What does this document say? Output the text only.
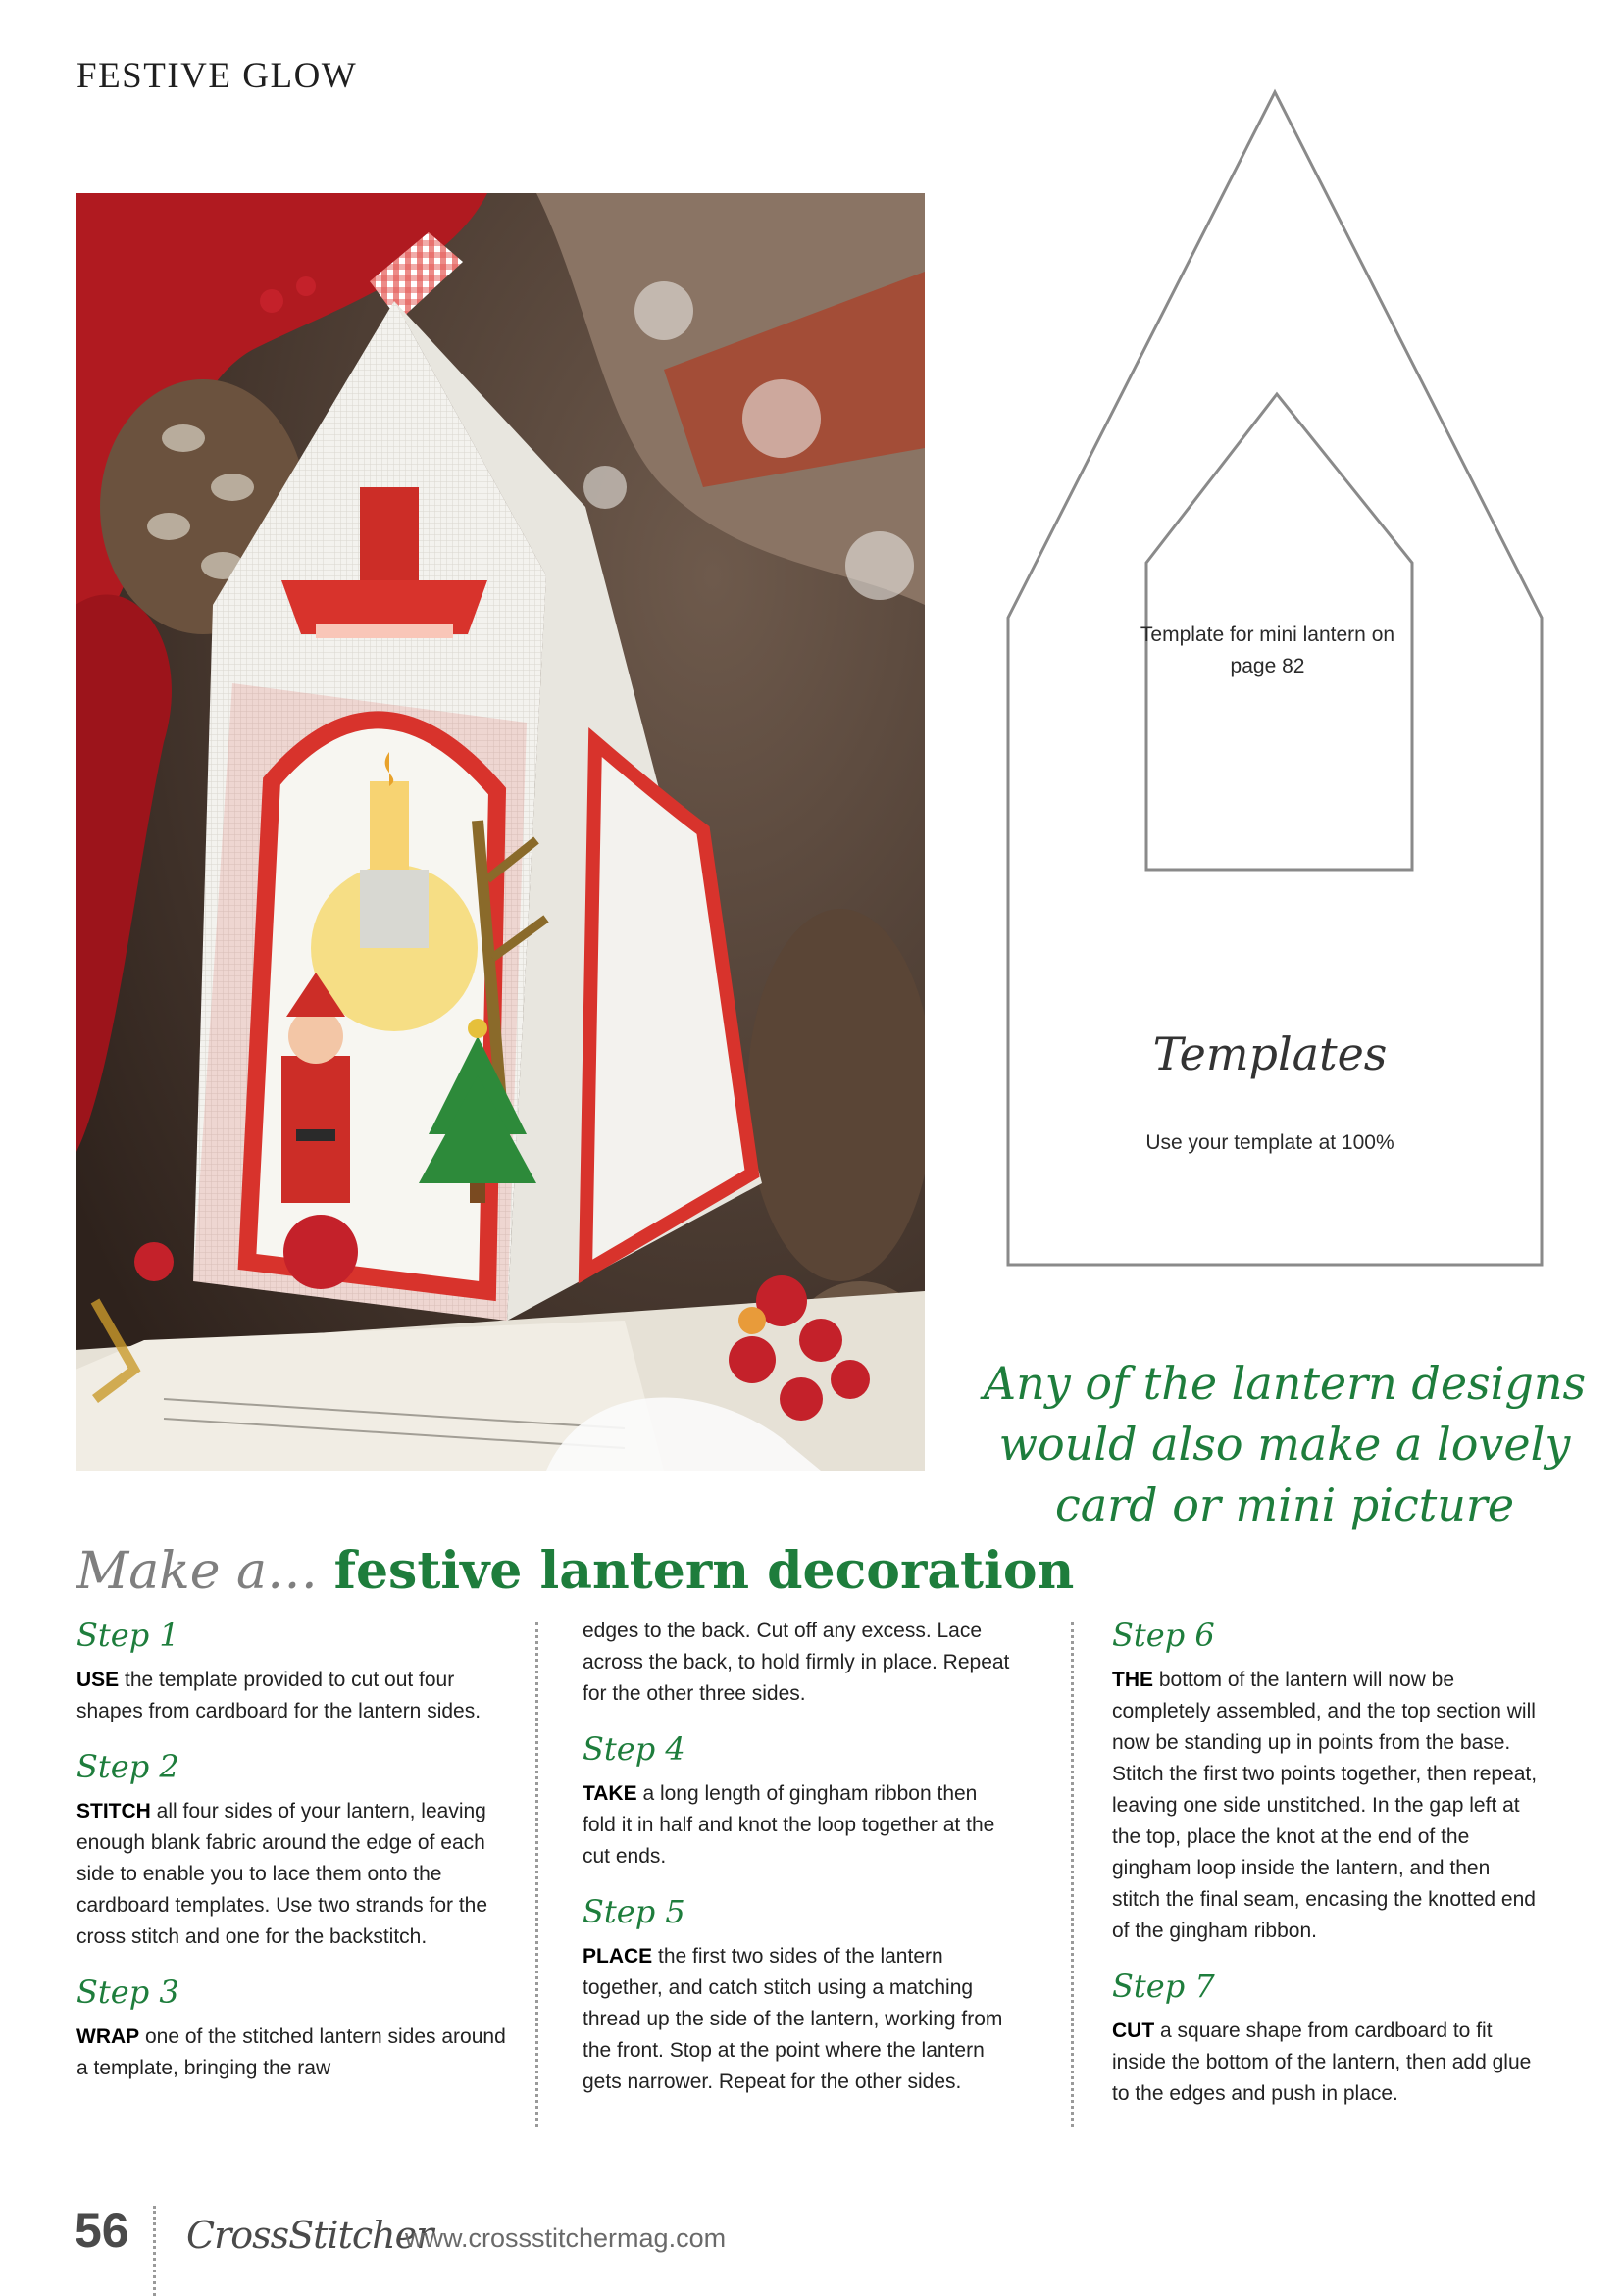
FESTIVE GLOW
Template for mini lantern on page 82
Templates
Use your template at 100%
Any of the lantern designs would also make a lovely card or mini picture
Make a… festive lantern decoration
Step 1

USE the template provided to cut out four shapes from cardboard for the lantern sides.

Step 2

STITCH all four sides of your lantern, leaving enough blank fabric around the edge of each side to enable you to lace them onto the cardboard templates. Use two strands for the cross stitch and one for the backstitch.

Step 3

WRAP one of the stitched lantern sides around a template, bringing the raw

edges to the back. Cut off any excess. Lace across the back, to hold firmly in place. Repeat for the other three sides.

Step 4

TAKE a long length of gingham ribbon then fold it in half and knot the loop together at the cut ends.

Step 5

PLACE the first two sides of the lantern together, and catch stitch using a matching thread up the side of the lantern, working from the front. Stop at the point where the lantern gets narrower. Repeat for the other sides.

Step 6

THE bottom of the lantern will now be completely assembled, and the top section will now be standing up in points from the base. Stitch the first two points together, then repeat, leaving one side unstitched. In the gap left at the top, place the knot at the end of the gingham loop inside the lantern, and then stitch the final seam, encasing the knotted end of the gingham ribbon.

Step 7

CUT a square shape from cardboard to fit inside the bottom of the lantern, then add glue to the edges and push in place.

56 CrossStitcher
www.crossstitchermag.com
